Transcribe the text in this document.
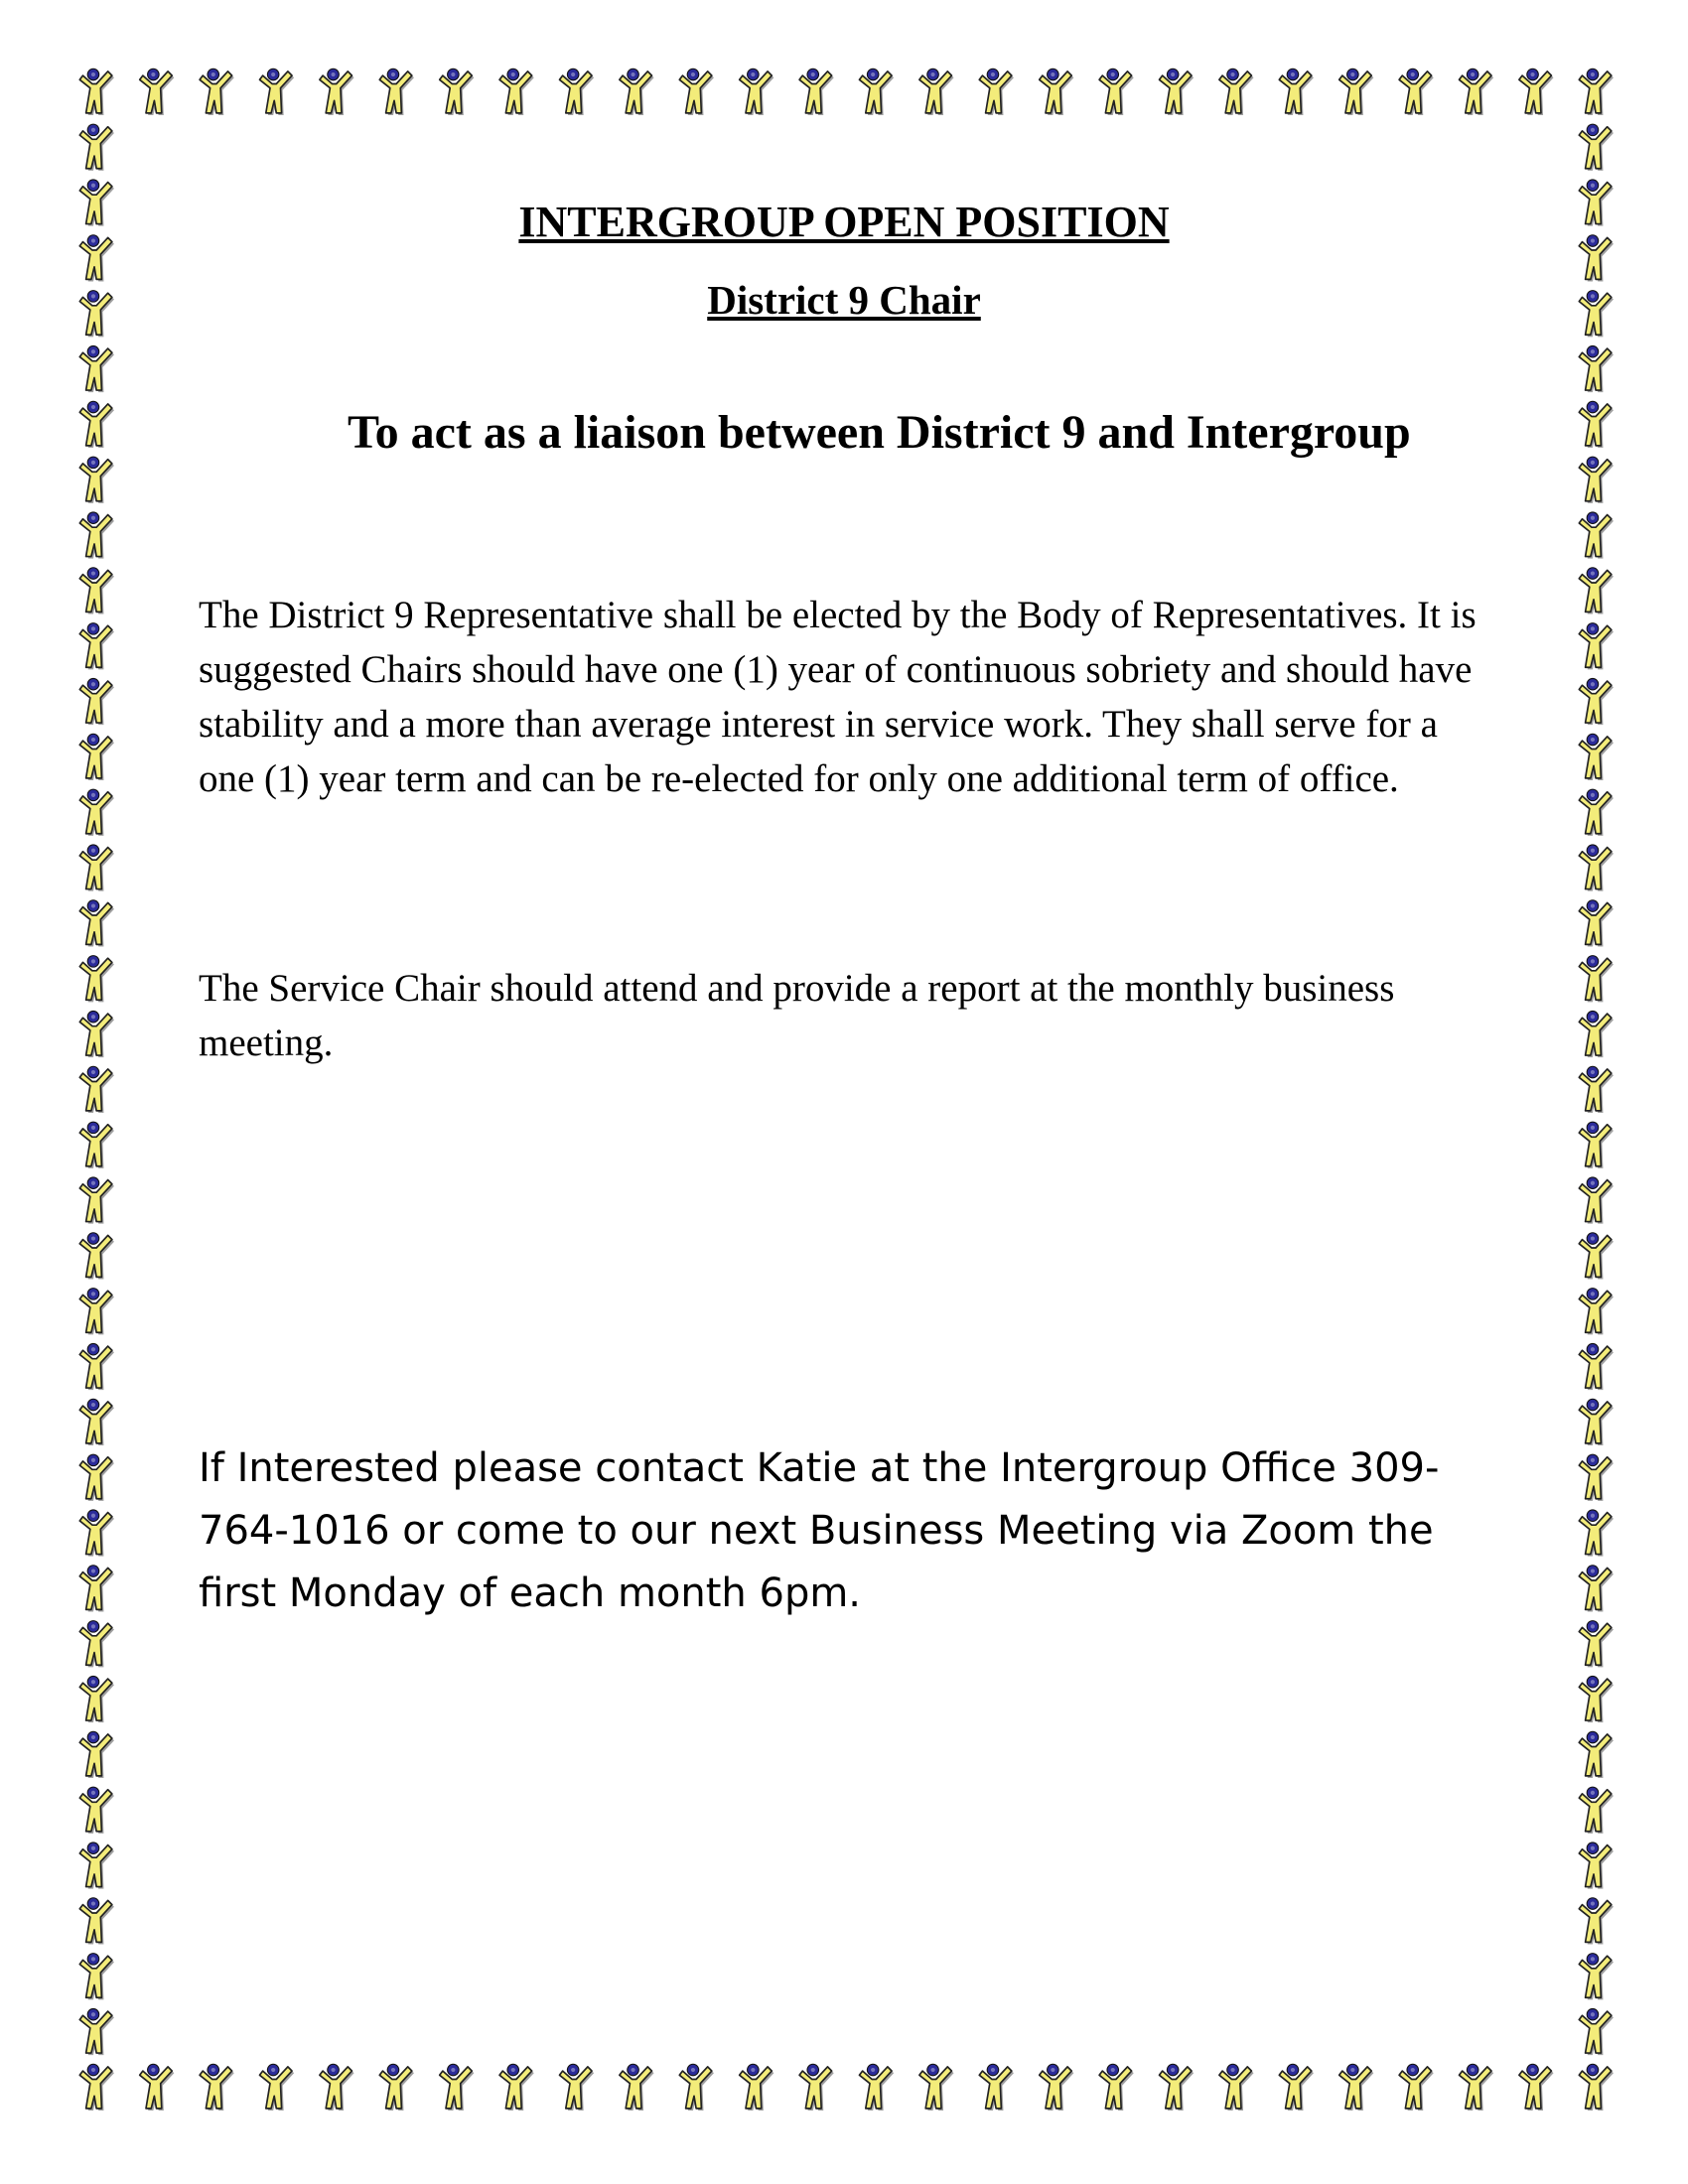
INTERGROUP OPEN POSITION
District 9 Chair

To act as a liaison between District 9 and Intergroup

The District 9 Representative shall be elected by the Body of Representatives. It is suggested Chairs should have one (1) year of continuous sobriety and should have stability and a more than average interest in service work. They shall serve for a one (1) year term and can be re-elected for only one additional term of office.

The Service Chair should attend and provide a report at the monthly business meeting.

If Interested please contact Katie at the Intergroup Office 309-764-1016 or come to our next Business Meeting via Zoom the first Monday of each month 6pm.
